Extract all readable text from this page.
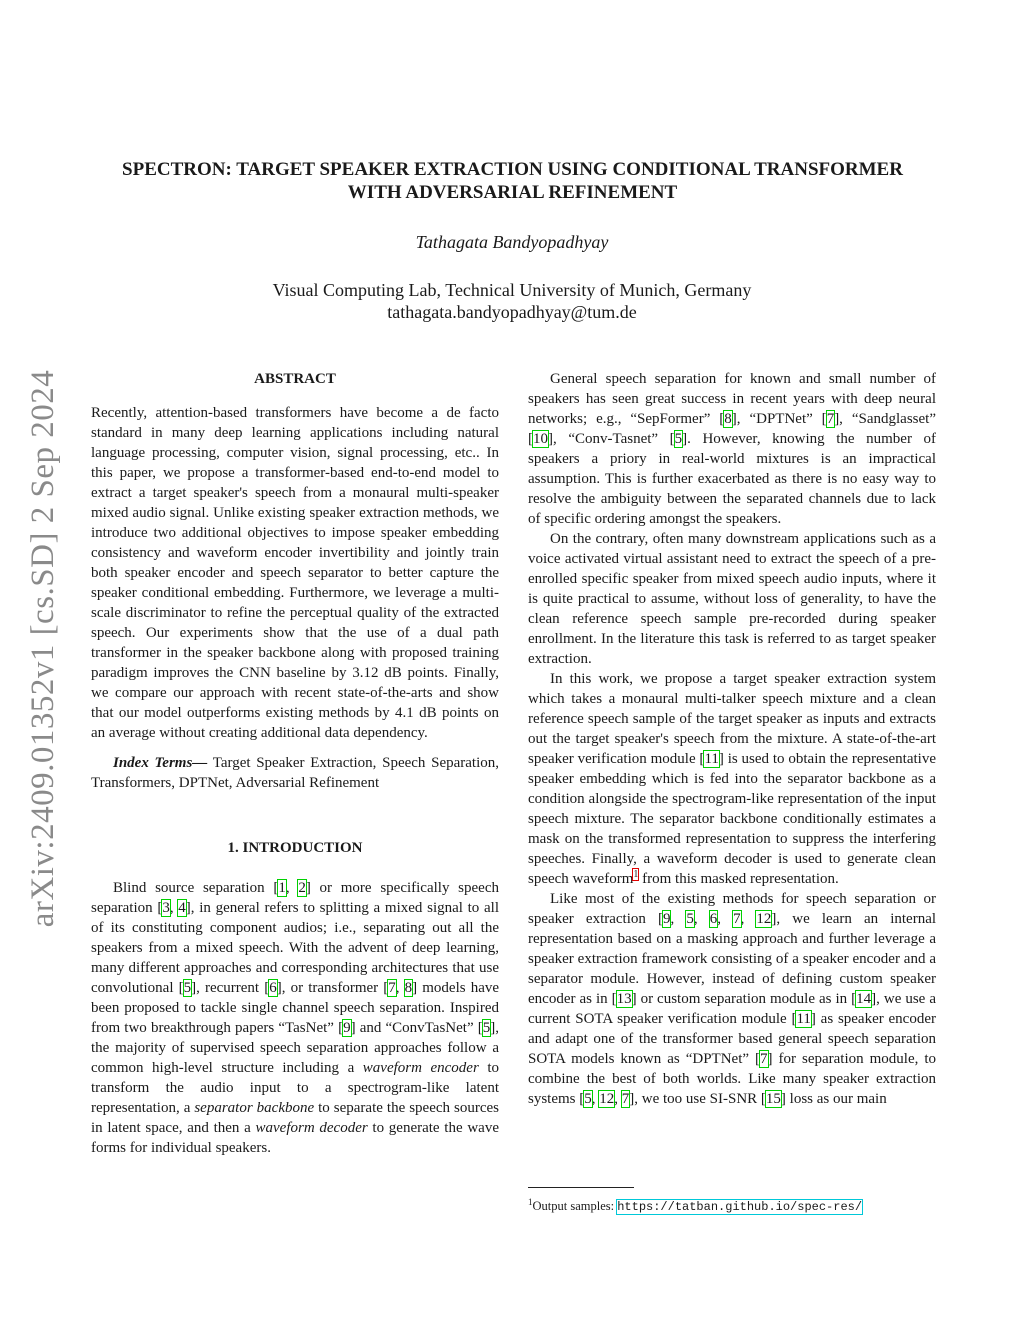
arXiv:2409.01352v1 [cs.SD] 2 Sep 2024
SPECTRON: TARGET SPEAKER EXTRACTION USING CONDITIONAL TRANSFORMER WITH ADVERSARIAL REFINEMENT
Tathagata Bandyopadhyay
Visual Computing Lab, Technical University of Munich, Germany
tathagata.bandyopadhyay@tum.de
ABSTRACT

Recently, attention-based transformers have become a de facto standard in many deep learning applications including natural language processing, computer vision, signal processing, etc.. In this paper, we propose a transformer-based end-to-end model to extract a target speaker's speech from a monaural multi-speaker mixed audio signal. Unlike existing speaker extraction methods, we introduce two additional objectives to impose speaker embedding consistency and waveform encoder invertibility and jointly train both speaker encoder and speech separator to better capture the speaker conditional embedding. Furthermore, we leverage a multi-scale discriminator to refine the perceptual quality of the extracted speech. Our experiments show that the use of a dual path transformer in the speaker backbone along with proposed training paradigm improves the CNN baseline by 3.12 dB points. Finally, we compare our approach with recent state-of-the-arts and show that our model outperforms existing methods by 4.1 dB points on an average without creating additional data dependency.

Index Terms— Target Speaker Extraction, Speech Separation, Transformers, DPTNet, Adversarial Refinement

1. INTRODUCTION

Blind source separation [1, 2] or more specifically speech separation [3, 4], in general refers to splitting a mixed signal to all of its constituting component audios; i.e., separating out all the speakers from a mixed speech. With the advent of deep learning, many different approaches and corresponding architectures that use convolutional [5], recurrent [6], or transformer [7, 8] models have been proposed to tackle single channel speech separation. Inspired from two breakthrough papers “TasNet” [9] and “ConvTasNet” [5], the majority of supervised speech separation approaches follow a common high-level structure including a waveform encoder to transform the audio input to a spectrogram-like latent representation, a separator backbone to separate the speech sources in latent space, and then a waveform decoder to generate the wave forms for individual speakers.

General speech separation for known and small number of speakers has seen great success in recent years with deep neural networks; e.g., “SepFormer” [8], “DPTNet” [7], “Sandglasset” [10], “Conv-Tasnet” [5]. However, knowing the number of speakers a priory in real-world mixtures is an impractical assumption. This is further exacerbated as there is no easy way to resolve the ambiguity between the separated channels due to lack of specific ordering amongst the speakers.

On the contrary, often many downstream applications such as a voice activated virtual assistant need to extract the speech of a pre-enrolled specific speaker from mixed speech audio inputs, where it is quite practical to assume, without loss of generality, to have the clean reference speech sample pre-recorded during speaker enrollment. In the literature this task is referred to as target speaker extraction.

In this work, we propose a target speaker extraction system which takes a monaural multi-talker speech mixture and a clean reference speech sample of the target speaker as inputs and extracts out the target speaker's speech from the mixture. A state-of-the-art speaker verification module [11] is used to obtain the representative speaker embedding which is fed into the separator backbone as a condition alongside the spectrogram-like representation of the input speech mixture. The separator backbone conditionally estimates a mask on the transformed representation to suppress the interfering speeches. Finally, a waveform decoder is used to generate clean speech waveform$^1$ from this masked representation.

Like most of the existing methods for speech separation or speaker extraction [9, 5, 6, 7, 12], we learn an internal representation based on a masking approach and further leverage a speaker extraction framework consisting of a speaker encoder and a separator module. However, instead of defining custom speaker encoder as in [13] or custom separation module as in [14], we use a current SOTA speaker verification module [11] as speaker encoder and adapt one of the transformer based general speech separation SOTA models known as “DPTNet” [7] for separation module, to combine the best of both worlds. Like many speaker extraction systems [5, 12, 7], we too use SI-SNR [15] loss as our main

$^1$Output samples: https://tatban.github.io/spec-res/
